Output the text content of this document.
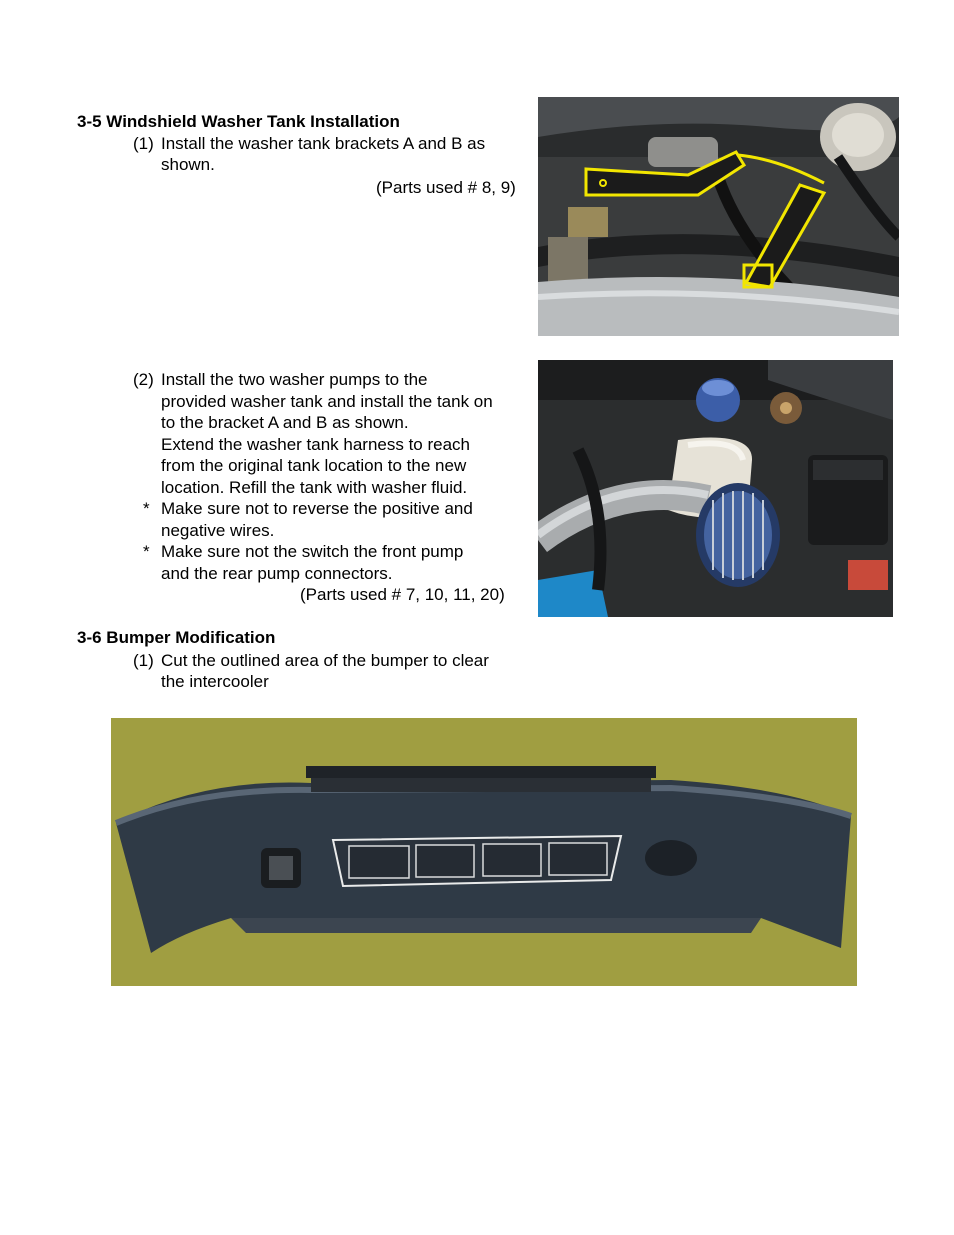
3-5 Windshield Washer Tank Installation
(1) Install the washer tank brackets A and B as
shown.
(Parts used # 8, 9)
(2) Install the two washer pumps to the
provided washer tank and install the tank on
to the bracket A and B as shown.
Extend the washer tank harness to reach
from the original tank location to the new
location. Refill the tank with washer fluid.
* Make sure not to reverse the positive and
negative wires.
* Make sure not the switch the front pump
and the rear pump connectors.
(Parts used # 7, 10, 11, 20)
3-6 Bumper Modification
(1) Cut the outlined area of the bumper to clear
the intercooler
